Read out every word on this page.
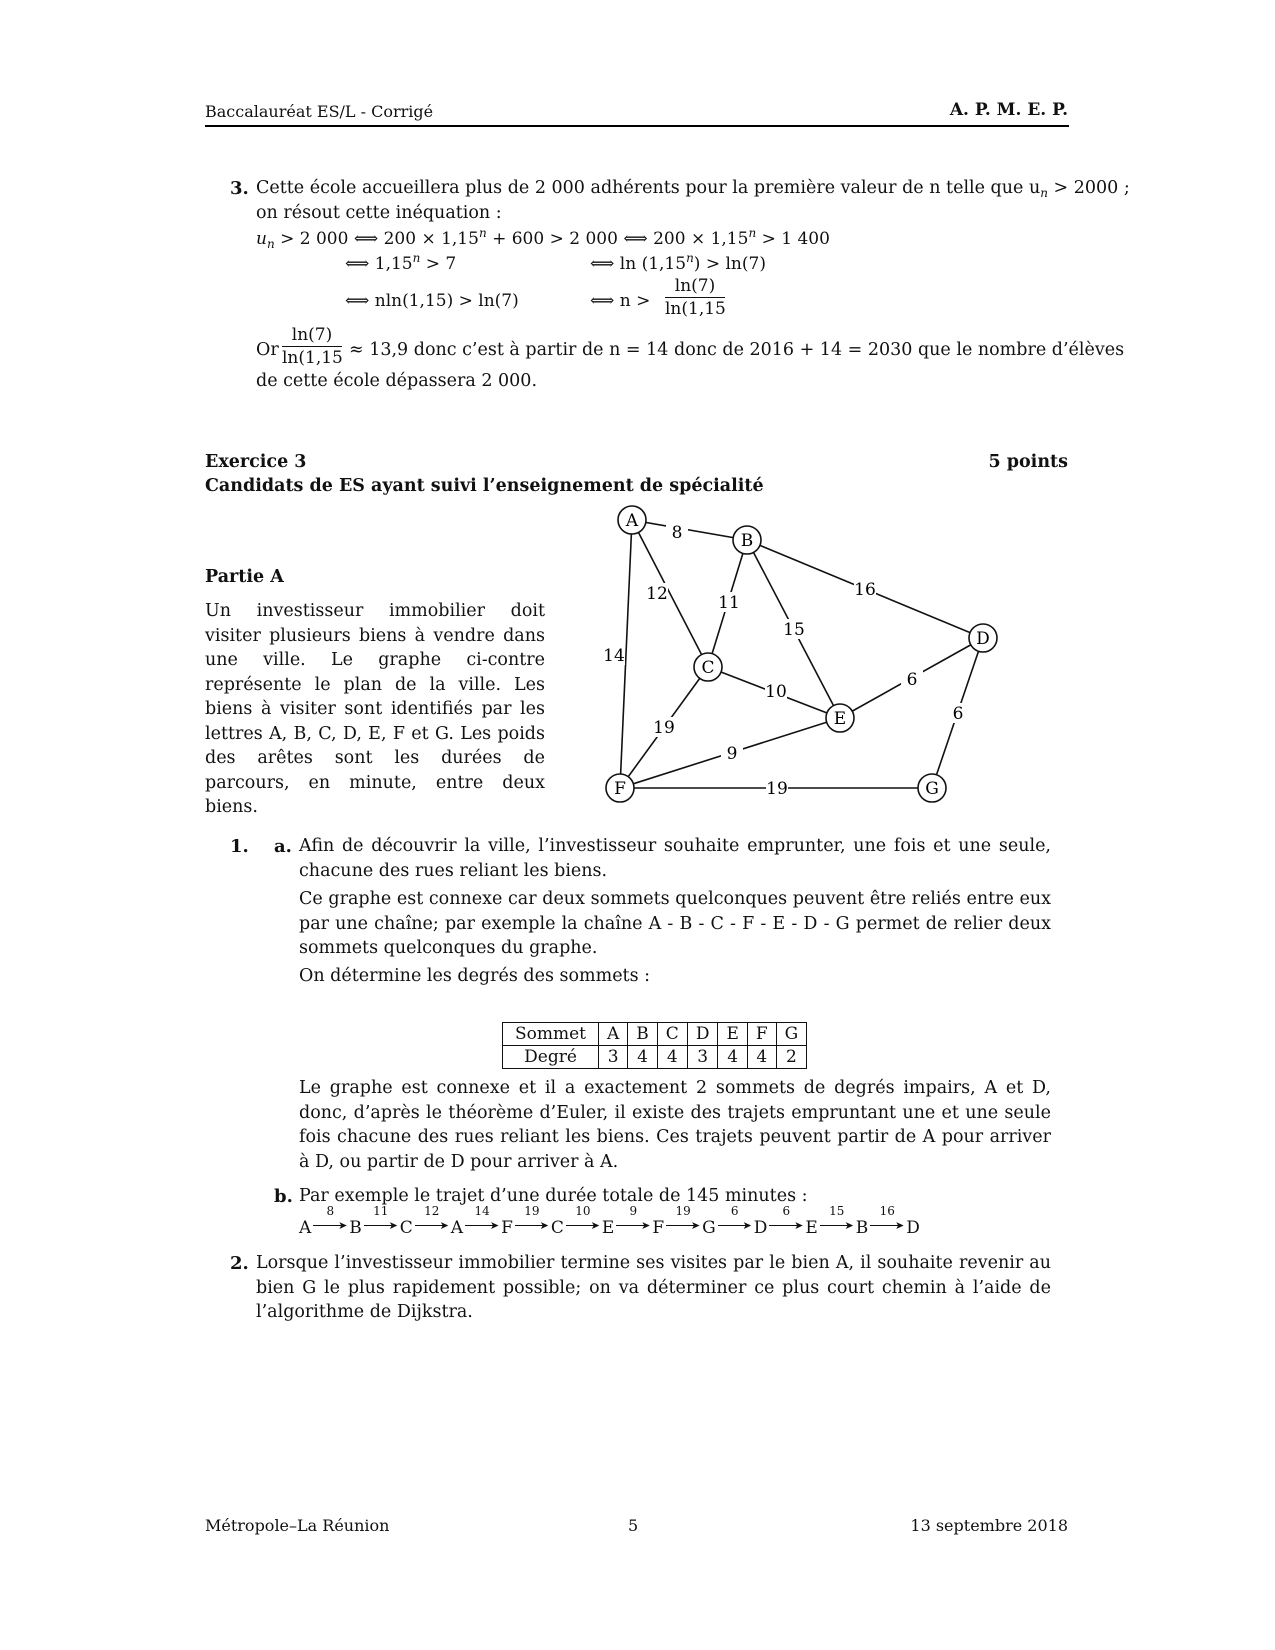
Baccalauréat ES/L - Corrigé	A. P. M. E. P.
3. Cette école accueillera plus de 2 000 adhérents pour la première valeur de n telle que $u_n > 2000$ ;
on résout cette inéquation :
$u_n > 2$ 000 ⟺ $200 \times 1,15^n + 600 > 2$ 000 ⟺ $200 \times 1,15^n > 1$ 400
⟺ $1,15^n > 7$	⟺ $\ln (1,15^n) > \ln(7)$
⟺ nln(1,15) > ln(7)	⟺ n >
ln(7)
ln(1,15
Or
ln(7)
ln(1,15 ≈ 13,9 donc c’est à partir de n = 14 donc de 2016 + 14 = 2030 que le nombre d’élèves
de cette école dépassera 2 000.
Exercice 3	5 points
Candidats de ES ayant suivi l’enseignement de spécialité
Partie A
Un investisseur immobilier doit visiter plusieurs biens à vendre dans une ville. Le graphe ci-contre représente le plan de la ville. Les biens à visiter sont identifiés par les lettres A, B, C, D, E, F et G. Les poids des arêtes sont les durées de parcours, en minute, entre deux biens.
8
12
14
11
15
16
10
19
6
6
9
19
A
B
C
D
E
F	G
1. a. Afin de découvrir la ville, l’investisseur souhaite emprunter, une fois et une seule, chacune des rues reliant les biens.
Ce graphe est connexe car deux sommets quelconques peuvent être reliés entre eux par une chaîne; par exemple la chaîne A - B - C - F - E - D - G permet de relier deux sommets quelconques du graphe.
On détermine les degrés des sommets :
Sommet	A	B	C	D	E	F	G
Degré	3	4	4	3	4	4	2
Le graphe est connexe et il a exactement 2 sommets de degrés impairs, A et D, donc, d’après le théorème d’Euler, il existe des trajets empruntant une et une seule fois chacune des rues reliant les biens. Ces trajets peuvent partir de A pour arriver à D, ou partir de D pour arriver à A.
b. Par exemple le trajet d’une durée totale de 145 minutes :
A
8
➤ B
11
➤ C
12
➤ A
14
➤ F
19
➤ C
10
➤ E
9
➤ F
19
➤ G
6
➤ D
6
➤ E
15
➤ B
16
➤ D
2. Lorsque l’investisseur immobilier termine ses visites par le bien A, il souhaite revenir au bien G le plus rapidement possible; on va déterminer ce plus court chemin à l’aide de l’algorithme de Dijkstra.
Métropole–La Réunion	5	13 septembre 2018
